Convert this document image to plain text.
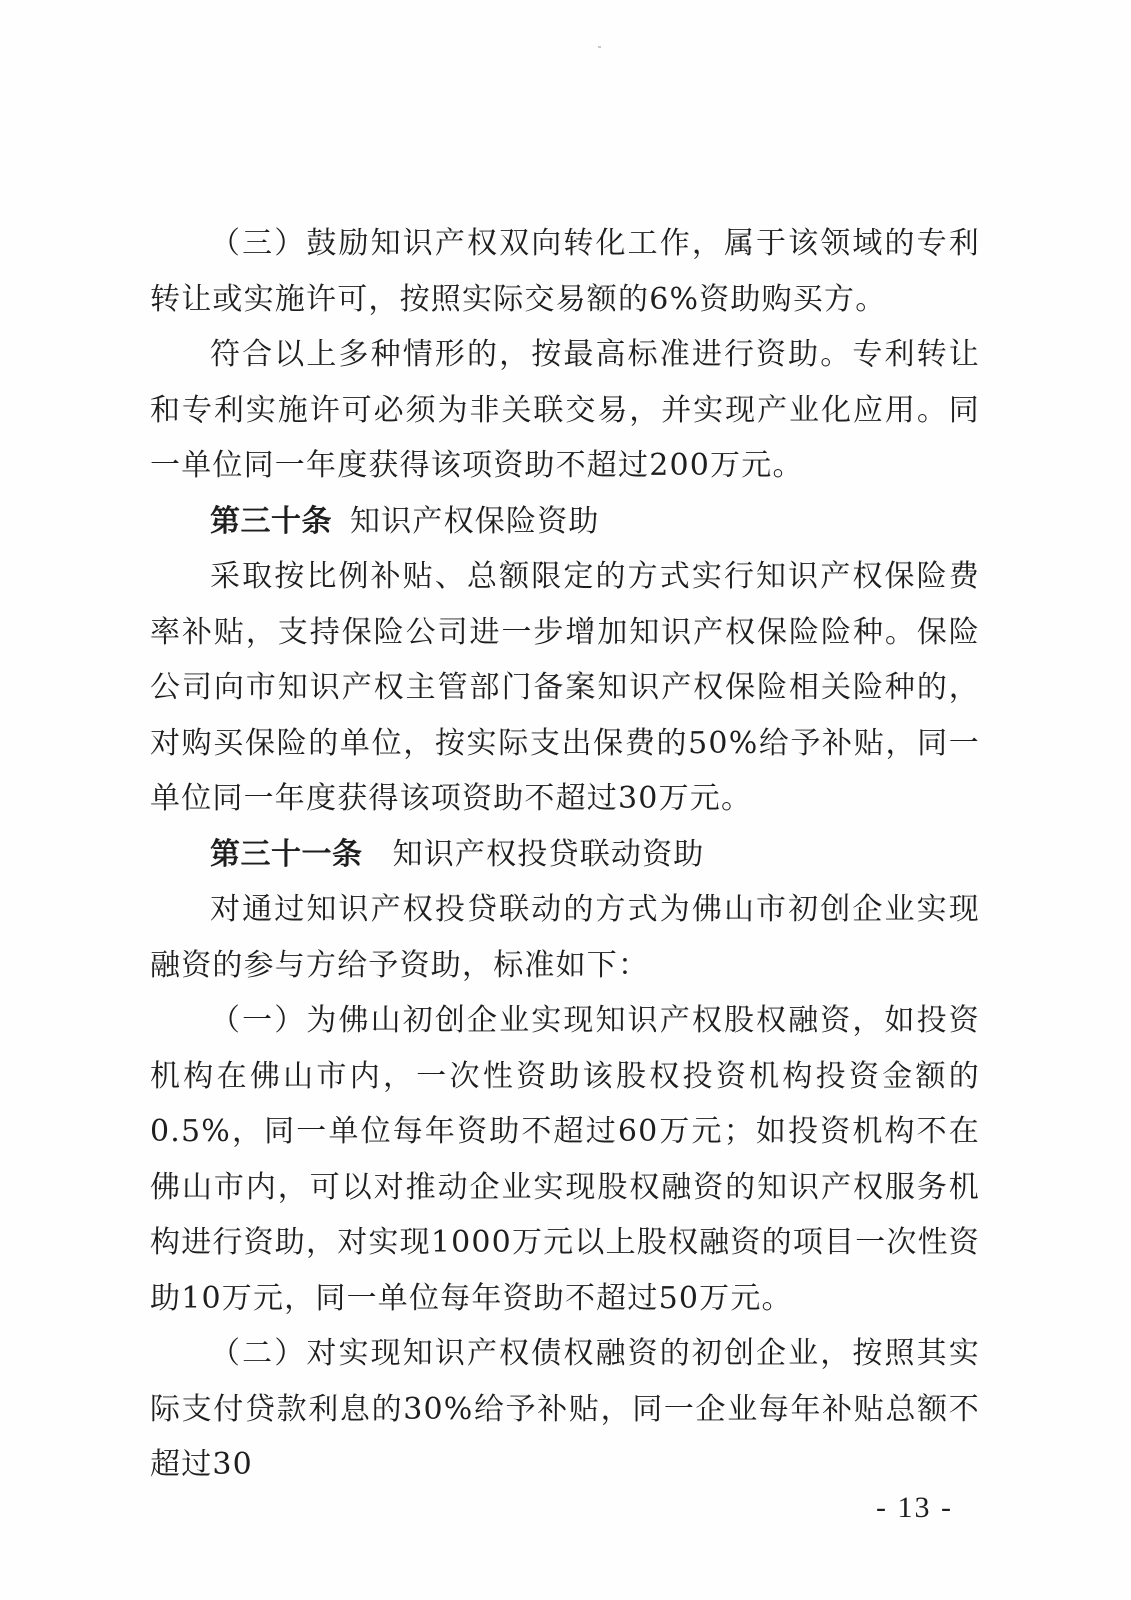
（三）鼓励知识产权双向转化工作，属于该领域的专利转让或实施许可，按照实际交易额的6%资助购买方。

符合以上多种情形的，按最高标准进行资助。专利转让和专利实施许可必须为非关联交易，并实现产业化应用。同一单位同一年度获得该项资助不超过200万元。

第三十条 知识产权保险资助

采取按比例补贴、总额限定的方式实行知识产权保险费率补贴，支持保险公司进一步增加知识产权保险险种。保险公司向市知识产权主管部门备案知识产权保险相关险种的，对购买保险的单位，按实际支出保费的50%给予补贴，同一单位同一年度获得该项资助不超过30万元。

第三十一条 知识产权投贷联动资助

对通过知识产权投贷联动的方式为佛山市初创企业实现融资的参与方给予资助，标准如下：

（一）为佛山初创企业实现知识产权股权融资，如投资机构在佛山市内，一次性资助该股权投资机构投资金额的0.5%，同一单位每年资助不超过60万元；如投资机构不在佛山市内，可以对推动企业实现股权融资的知识产权服务机构进行资助，对实现1000万元以上股权融资的项目一次性资助10万元，同一单位每年资助不超过50万元。

（二）对实现知识产权债权融资的初创企业，按照其实际支付贷款利息的30%给予补贴，同一企业每年补贴总额不超过30

- 13 -
